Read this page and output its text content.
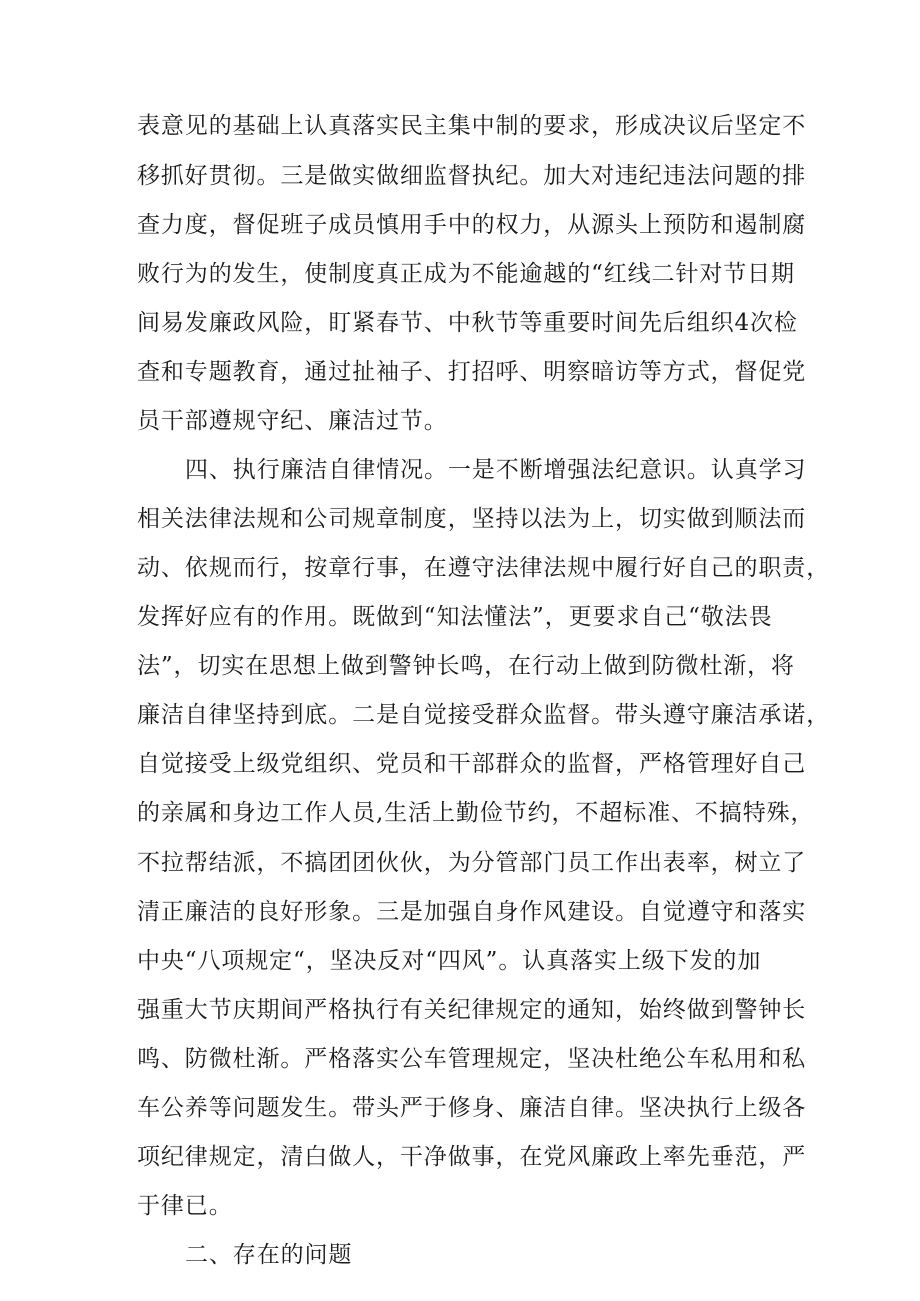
表意见的基础上认真落实民主集中制的要求，形成决议后坚定不
移抓好贯彻。三是做实做细监督执纪。加大对违纪违法问题的排
查力度，督促班子成员慎用手中的权力，从源头上预防和遏制腐
败行为的发生，使制度真正成为不能逾越的“红线二针对节日期
间易发廉政风险，盯紧春节、中秋节等重要时间先后组织4次检
查和专题教育，通过扯袖子、打招呼、明察暗访等方式，督促党
员干部遵规守纪、廉洁过节。
四、执行廉洁自律情况。一是不断增强法纪意识。认真学习
相关法律法规和公司规章制度，坚持以法为上，切实做到顺法而
动、依规而行，按章行事，在遵守法律法规中履行好自己的职责，
发挥好应有的作用。既做到“知法懂法”，更要求自己“敬法畏
法”，切实在思想上做到警钟长鸣，在行动上做到防微杜渐，将
廉洁自律坚持到底。二是自觉接受群众监督。带头遵守廉洁承诺，
自觉接受上级党组织、党员和干部群众的监督，严格管理好自己
的亲属和身边工作人员,生活上勤俭节约，不超标准、不搞特殊，
不拉帮结派，不搞团团伙伙，为分管部门员工作出表率，树立了
清正廉洁的良好形象。三是加强自身作风建设。自觉遵守和落实
中央“八项规定“，坚决反对“四风”。认真落实上级下发的加
强重大节庆期间严格执行有关纪律规定的通知，始终做到警钟长
鸣、防微杜渐。严格落实公车管理规定，坚决杜绝公车私用和私
车公养等问题发生。带头严于修身、廉洁自律。坚决执行上级各
项纪律规定，清白做人，干净做事，在党风廉政上率先垂范，严
于律已。
二、存在的问题
